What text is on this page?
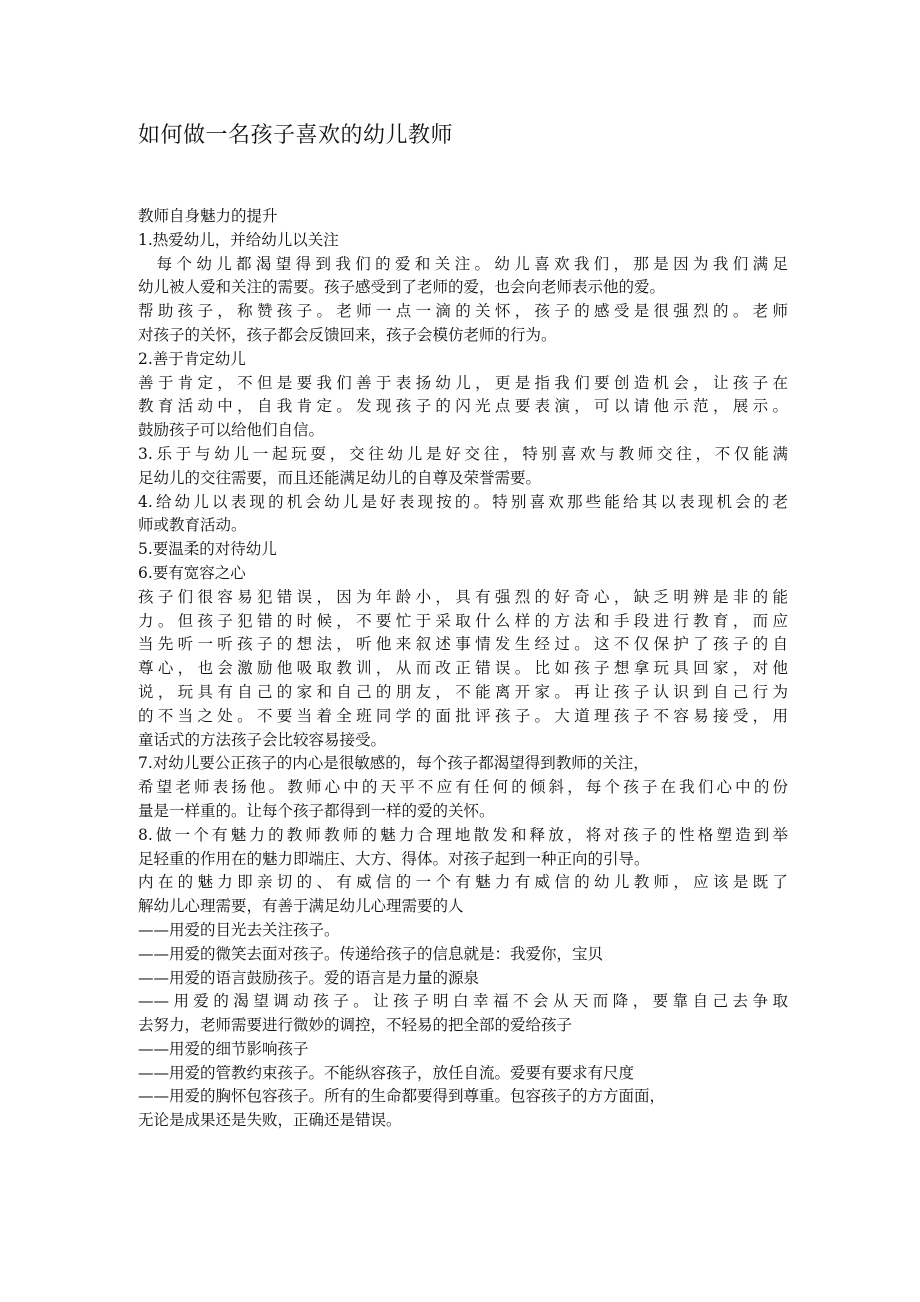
如何做一名孩子喜欢的幼儿教师
教师自身魅力的提升
1.热爱幼儿，并给幼儿以关注
每个幼儿都渴望得到我们的爱和关注。幼儿喜欢我们，那是因为我们满足
幼儿被人爱和关注的需要。孩子感受到了老师的爱，也会向老师表示他的爱。
帮助孩子，称赞孩子。老师一点一滴的关怀，孩子的感受是很强烈的。老师
对孩子的关怀，孩子都会反馈回来，孩子会模仿老师的行为。
2.善于肯定幼儿
善于肯定，不但是要我们善于表扬幼儿，更是指我们要创造机会，让孩子在
教育活动中，自我肯定。发现孩子的闪光点要表演，可以请他示范，展示。
鼓励孩子可以给他们自信。
3.乐于与幼儿一起玩耍，交往幼儿是好交往，特别喜欢与教师交往，不仅能满
足幼儿的交往需要，而且还能满足幼儿的自尊及荣誉需要。
4.给幼儿以表现的机会幼儿是好表现按的。特别喜欢那些能给其以表现机会的老
师或教育活动。
5.要温柔的对待幼儿
6.要有宽容之心
孩子们很容易犯错误，因为年龄小，具有强烈的好奇心，缺乏明辨是非的能
力。但孩子犯错的时候，不要忙于采取什么样的方法和手段进行教育，而应
当先听一听孩子的想法，听他来叙述事情发生经过。这不仅保护了孩子的自
尊心，也会激励他吸取教训，从而改正错误。比如孩子想拿玩具回家，对他
说，玩具有自己的家和自己的朋友，不能离开家。再让孩子认识到自己行为
的不当之处。不要当着全班同学的面批评孩子。大道理孩子不容易接受，用
童话式的方法孩子会比较容易接受。
7.对幼儿要公正孩子的内心是很敏感的，每个孩子都渴望得到教师的关注，
希望老师表扬他。教师心中的天平不应有任何的倾斜，每个孩子在我们心中的份
量是一样重的。让每个孩子都得到一样的爱的关怀。
8.做一个有魅力的教师教师的魅力合理地散发和释放，将对孩子的性格塑造到举
足轻重的作用在的魅力即端庄、大方、得体。对孩子起到一种正向的引导。
内在的魅力即亲切的、有威信的一个有魅力有威信的幼儿教师，应该是既了
解幼儿心理需要，有善于满足幼儿心理需要的人
——用爱的目光去关注孩子。
——用爱的微笑去面对孩子。传递给孩子的信息就是：我爱你，宝贝
——用爱的语言鼓励孩子。爱的语言是力量的源泉
——用爱的渴望调动孩子。让孩子明白幸福不会从天而降，要靠自己去争取
去努力，老师需要进行微妙的调控，不轻易的把全部的爱给孩子
——用爱的细节影响孩子
——用爱的管教约束孩子。不能纵容孩子，放任自流。爱要有要求有尺度
——用爱的胸怀包容孩子。所有的生命都要得到尊重。包容孩子的方方面面，
无论是成果还是失败，正确还是错误。
